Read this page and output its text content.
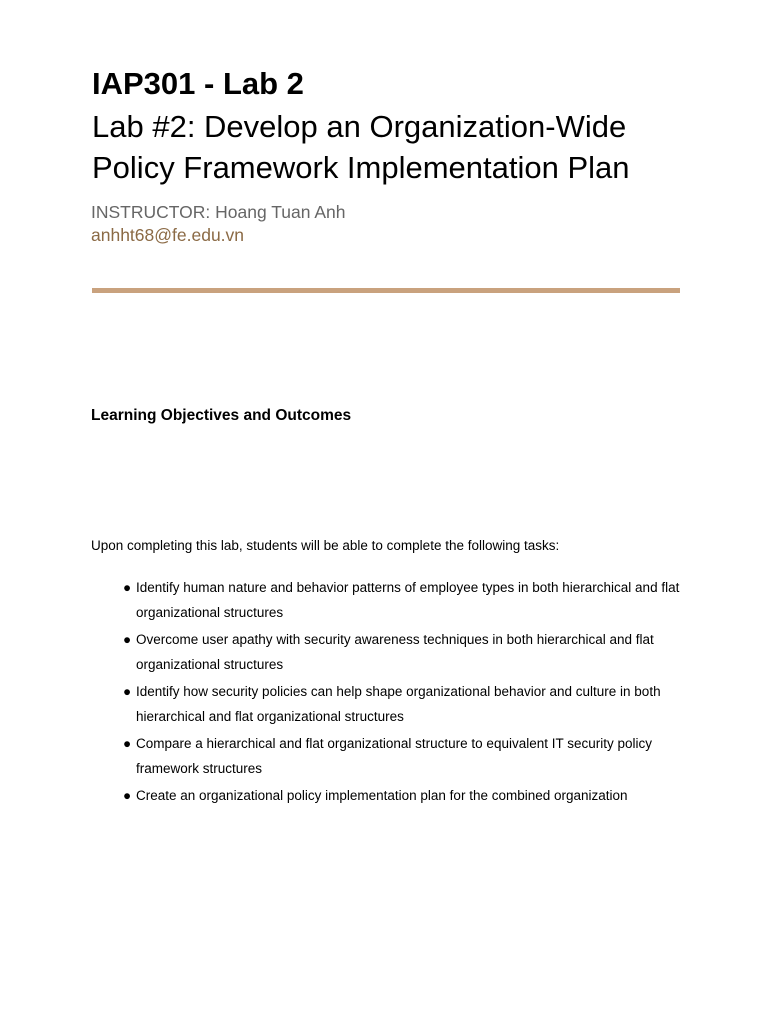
IAP301 - Lab 2
Lab #2: Develop an Organization-Wide Policy Framework Implementation Plan
INSTRUCTOR: Hoang Tuan Anh
anhht68@fe.edu.vn
Learning Objectives and Outcomes
Upon completing this lab, students will be able to complete the following tasks:
● Identify human nature and behavior patterns of employee types in both hierarchical and flat organizational structures
● Overcome user apathy with security awareness techniques in both hierarchical and flat organizational structures
● Identify how security policies can help shape organizational behavior and culture in both hierarchical and flat organizational structures
● Compare a hierarchical and flat organizational structure to equivalent IT security policy framework structures
● Create an organizational policy implementation plan for the combined organization
